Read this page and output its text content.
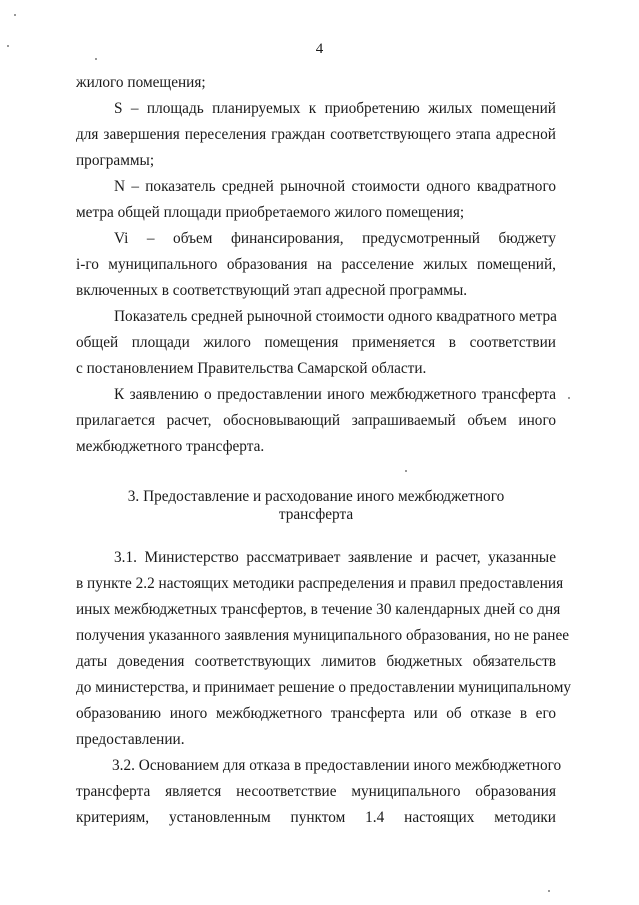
4
жилого помещения;
S – площадь планируемых к приобретению жилых помещений
для завершения переселения граждан соответствующего этапа адресной
программы;
N – показатель средней рыночной стоимости одного квадратного
метра общей площади приобретаемого жилого помещения;
Vi – объем финансирования, предусмотренный бюджету
i-го муниципального образования на расселение жилых помещений,
включенных в соответствующий этап адресной программы.
Показатель средней рыночной стоимости одного квадратного метра
общей площади жилого помещения применяется в соответствии
с постановлением Правительства Самарской области.
К заявлению о предоставлении иного межбюджетного трансферта
прилагается расчет, обосновывающий запрашиваемый объем иного
межбюджетного трансферта.
3. Предоставление и расходование иного межбюджетного
трансферта
3.1. Министерство рассматривает заявление и расчет, указанные
в пункте 2.2 настоящих методики распределения и правил предоставления
иных межбюджетных трансфертов, в течение 30 календарных дней со дня
получения указанного заявления муниципального образования, но не ранее
даты доведения соответствующих лимитов бюджетных обязательств
до министерства, и принимает решение о предоставлении муниципальному
образованию иного межбюджетного трансферта или об отказе в его
предоставлении.
3.2. Основанием для отказа в предоставлении иного межбюджетного
трансферта является несоответствие муниципального образования
критериям, установленным пунктом 1.4 настоящих методики
